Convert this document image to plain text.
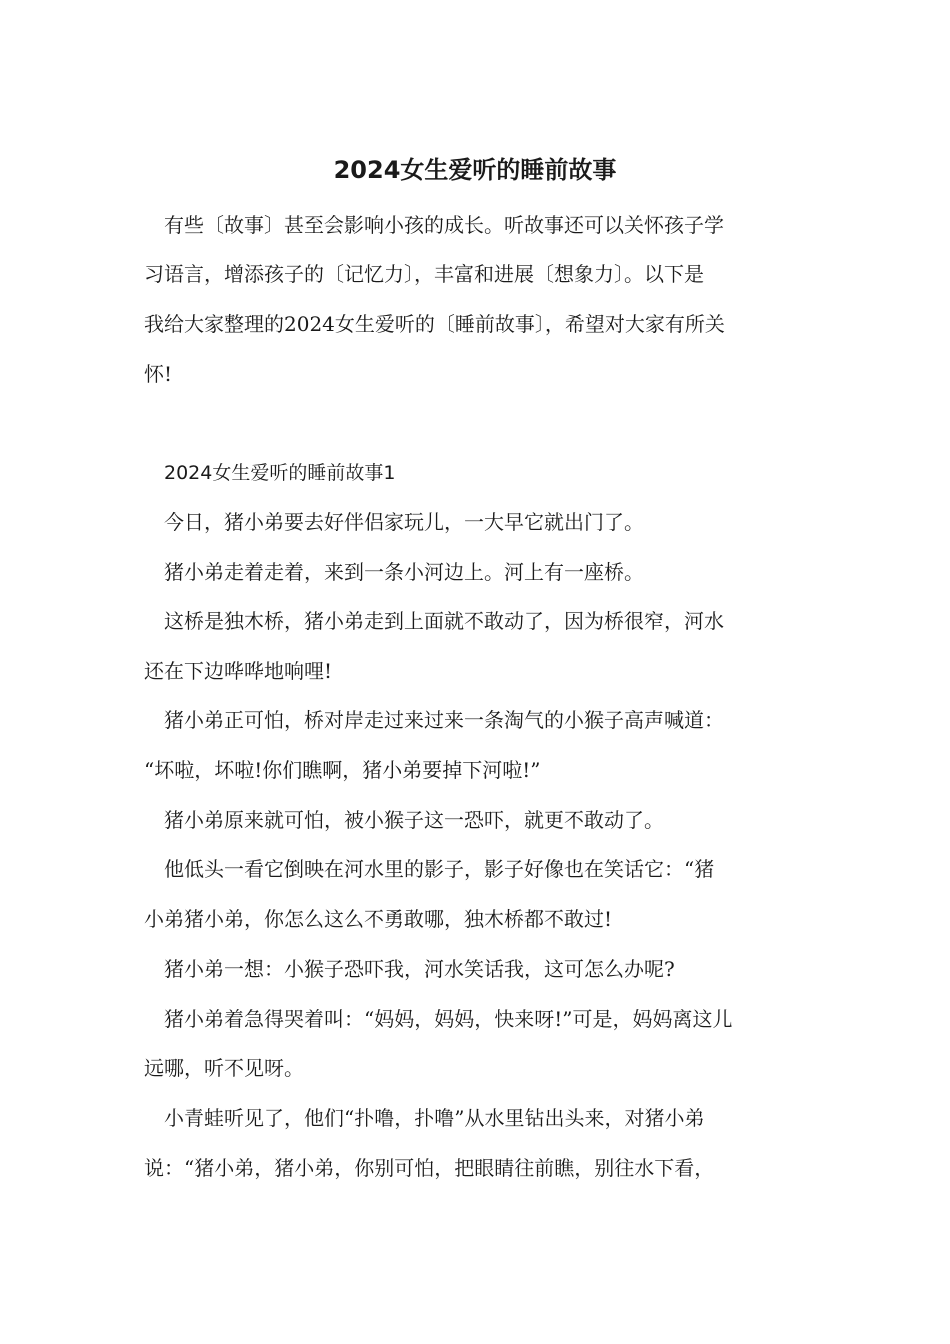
2024女生爱听的睡前故事

　有些〔故事〕甚至会影响小孩的成长。听故事还可以关怀孩子学

习语言，增添孩子的〔记忆力〕，丰富和进展〔想象力〕。以下是

我给大家整理的2024女生爱听的〔睡前故事〕，希望对大家有所关

怀!

2024女生爱听的睡前故事1

　今日，猪小弟要去好伴侣家玩儿，一大早它就出门了。

　猪小弟走着走着，来到一条小河边上。河上有一座桥。

　这桥是独木桥，猪小弟走到上面就不敢动了，因为桥很窄，河水

还在下边哗哗地响哩!

　猪小弟正可怕，桥对岸走过来过来一条淘气的小猴子高声喊道：

“坏啦，坏啦!你们瞧啊，猪小弟要掉下河啦!”

　猪小弟原来就可怕，被小猴子这一恐吓，就更不敢动了。

　他低头一看它倒映在河水里的影子，影子好像也在笑话它：“猪

小弟猪小弟，你怎么这么不勇敢哪，独木桥都不敢过!

　猪小弟一想：小猴子恐吓我，河水笑话我，这可怎么办呢?

　猪小弟着急得哭着叫：“妈妈，妈妈，快来呀!”可是，妈妈离这儿

远哪，听不见呀。

　小青蛙听见了，他们“扑噜，扑噜”从水里钻出头来，对猪小弟

说：“猪小弟，猪小弟，你别可怕，把眼睛往前瞧，别往水下看，
